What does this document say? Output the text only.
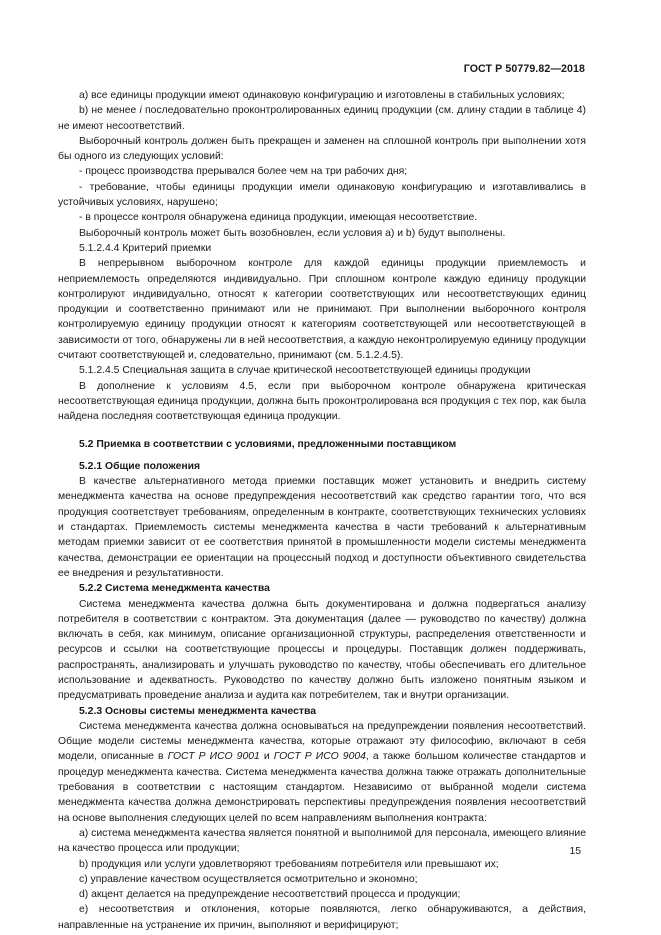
ГОСТ Р 50779.82—2018

a) все единицы продукции имеют одинаковую конфигурацию и изготовлены в стабильных условиях;

b) не менее i последовательно проконтролированных единиц продукции (см. длину стадии в таблице 4) не имеют несоответствий.

Выборочный контроль должен быть прекращен и заменен на сплошной контроль при выполнении хотя бы одного из следующих условий:

- процесс производства прерывался более чем на три рабочих дня;

- требование, чтобы единицы продукции имели одинаковую конфигурацию и изготавливались в устойчивых условиях, нарушено;

- в процессе контроля обнаружена единица продукции, имеющая несоответствие.

Выборочный контроль может быть возобновлен, если условия a) и b) будут выполнены.

5.1.2.4.4 Критерий приемки

В непрерывном выборочном контроле для каждой единицы продукции приемлемость и неприемлемость определяются индивидуально. При сплошном контроле каждую единицу продукции контролируют индивидуально, относят к категории соответствующих или несоответствующих единиц продукции и соответственно принимают или не принимают. При выполнении выборочного контроля контролируемую единицу продукции относят к категориям соответствующей или несоответствующей в зависимости от того, обнаружены ли в ней несоответствия, а каждую неконтролируемую единицу продукции считают соответствующей и, следовательно, принимают (см. 5.1.2.4.5).

5.1.2.4.5 Специальная защита в случае критической несоответствующей единицы продукции

В дополнение к условиям 4.5, если при выборочном контроле обнаружена критическая несоответствующая единица продукции, должна быть проконтролирована вся продукция с тех пор, как была найдена последняя соответствующая единица продукции.

5.2 Приемка в соответствии с условиями, предложенными поставщиком

5.2.1 Общие положения

В качестве альтернативного метода приемки поставщик может установить и внедрить систему менеджмента качества на основе предупреждения несоответствий как средство гарантии того, что вся продукция соответствует требованиям, определенным в контракте, соответствующих технических условиях и стандартах. Приемлемость системы менеджмента качества в части требований к альтернативным методам приемки зависит от ее соответствия принятой в промышленности модели системы менеджмента качества, демонстрации ее ориентации на процессный подход и доступности объективного свидетельства ее внедрения и результативности.

5.2.2 Система менеджмента качества

Система менеджмента качества должна быть документирована и должна подвергаться анализу потребителя в соответствии с контрактом. Эта документация (далее — руководство по качеству) должна включать в себя, как минимум, описание организационной структуры, распределения ответственности и ресурсов и ссылки на соответствующие процессы и процедуры. Поставщик должен поддерживать, распространять, анализировать и улучшать руководство по качеству, чтобы обеспечивать его длительное использование и адекватность. Руководство по качеству должно быть изложено понятным языком и предусматривать проведение анализа и аудита как потребителем, так и внутри организации.

5.2.3 Основы системы менеджмента качества

Система менеджмента качества должна основываться на предупреждении появления несоответствий. Общие модели системы менеджмента качества, которые отражают эту философию, включают в себя модели, описанные в ГОСТ Р ИСО 9001 и ГОСТ Р ИСО 9004, а также большом количестве стандартов и процедур менеджмента качества. Система менеджмента качества должна также отражать дополнительные требования в соответствии с настоящим стандартом. Независимо от выбранной модели система менеджмента качества должна демонстрировать перспективы предупреждения появления несоответствий на основе выполнения следующих целей по всем направлениям выполнения контракта:

a) система менеджмента качества является понятной и выполнимой для персонала, имеющего влияние на качество процесса или продукции;

b) продукция или услуги удовлетворяют требованиям потребителя или превышают их;

c) управление качеством осуществляется осмотрительно и экономно;

d) акцент делается на предупреждение несоответствий процесса и продукции;

e) несоответствия и отклонения, которые появляются, легко обнаруживаются, а действия, направленные на устранение их причин, выполняют и верифицируют;

15
